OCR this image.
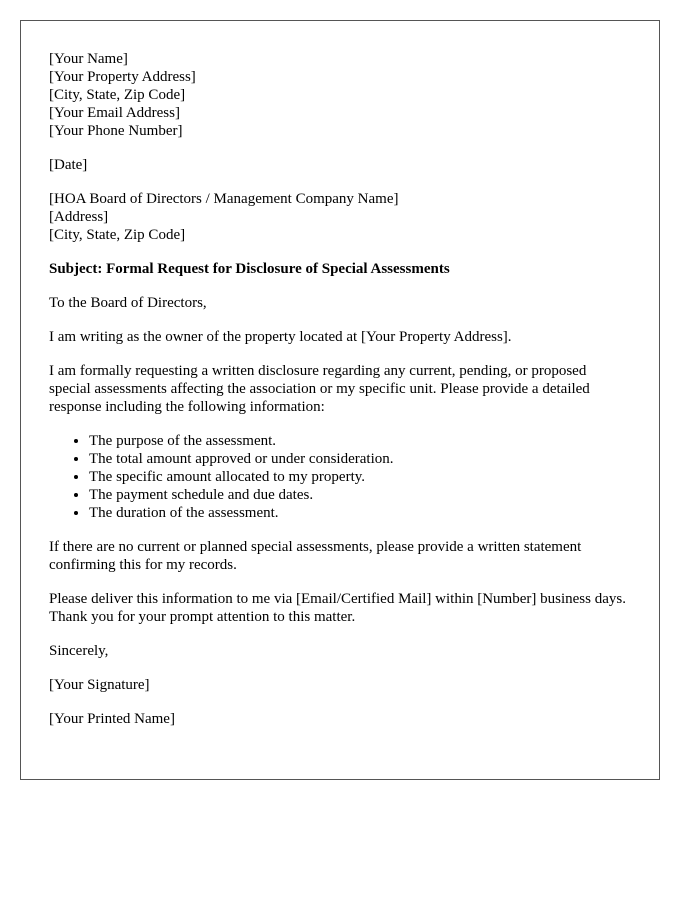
[Your Name]
[Your Property Address]
[City, State, Zip Code]
[Your Email Address]
[Your Phone Number]
[Date]
[HOA Board of Directors / Management Company Name]
[Address]
[City, State, Zip Code]

Subject: Formal Request for Disclosure of Special Assessments

To the Board of Directors,

I am writing as the owner of the property located at [Your Property Address].

I am formally requesting a written disclosure regarding any current, pending, or proposed special assessments affecting the association or my specific unit. Please provide a detailed response including the following information:

• The purpose of the assessment.
• The total amount approved or under consideration.
• The specific amount allocated to my property.
• The payment schedule and due dates.
• The duration of the assessment.

If there are no current or planned special assessments, please provide a written statement confirming this for my records.

Please deliver this information to me via [Email/Certified Mail] within [Number] business days. Thank you for your prompt attention to this matter.

Sincerely,

[Your Signature]

[Your Printed Name]
